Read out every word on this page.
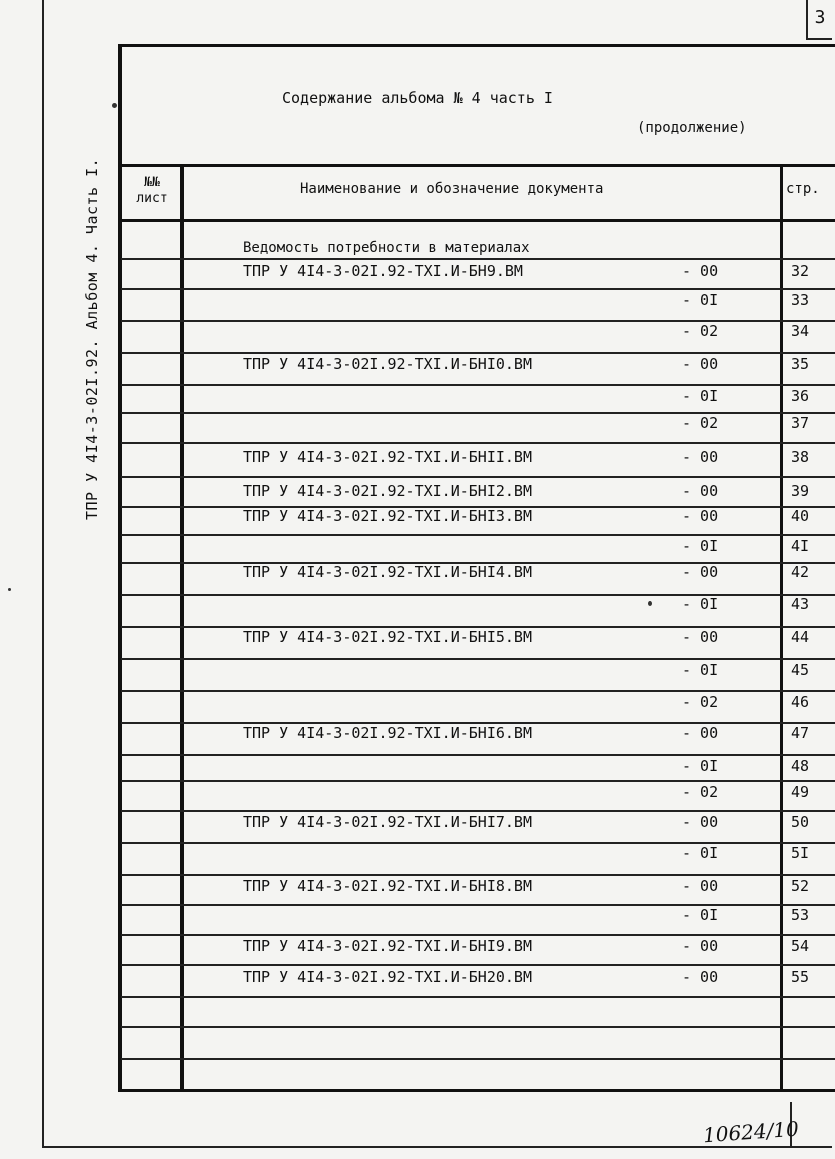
3
ТПР У 4I4-3-02I.92. Альбом 4. Часть I.
Содержание альбома № 4 часть I
(продолжение)
№№
лист
Наименование и обозначение документа	стр.
Ведомость потребности в материалах
ТПР У 4I4-3-02I.92-ТХI.И-БН9.ВМ	- 00	32
- 0I	33
- 02	34
ТПР У 4I4-3-02I.92-ТХI.И-БНI0.ВМ	- 00	35
- 0I	36
- 02	37
ТПР У 4I4-3-02I.92-ТХI.И-БНII.ВМ	- 00	38
ТПР У 4I4-3-02I.92-ТХI.И-БНI2.ВМ	- 00	39
ТПР У 4I4-3-02I.92-ТХI.И-БНI3.ВМ	- 00	40
- 0I	4I
ТПР У 4I4-3-02I.92-ТХI.И-БНI4.ВМ	- 00	42
- 0I	43
ТПР У 4I4-3-02I.92-ТХI.И-БНI5.ВМ	- 00	44
- 0I	45
- 02	46
ТПР У 4I4-3-02I.92-ТХI.И-БНI6.ВМ	- 00	47
- 0I	48
- 02	49
ТПР У 4I4-3-02I.92-ТХI.И-БНI7.ВМ	- 00	50
- 0I	5I
ТПР У 4I4-3-02I.92-ТХI.И-БНI8.ВМ	- 00	52
- 0I	53
ТПР У 4I4-3-02I.92-ТХI.И-БНI9.ВМ	- 00	54
ТПР У 4I4-3-02I.92-ТХI.И-БН20.ВМ	- 00	55
10624/10
